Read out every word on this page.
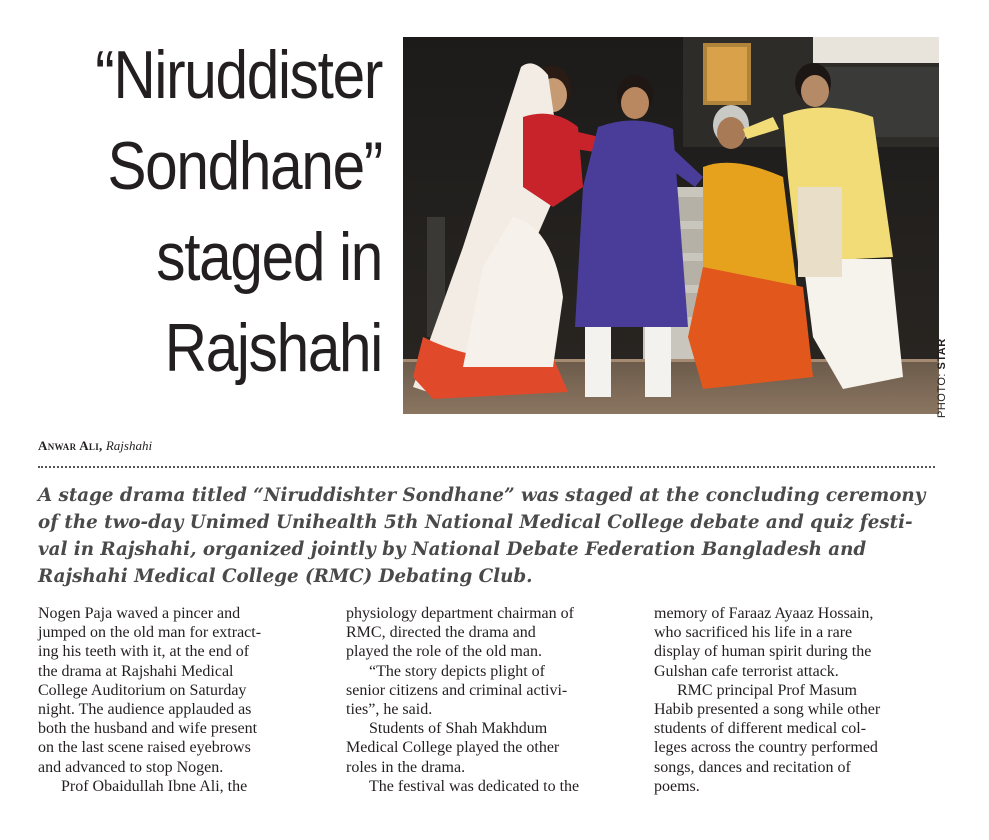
“Niruddister
Sondhane”
staged in
Rajshahi
PHOTO: STAR
Anwar Ali, Rajshahi

A stage drama titled “Niruddishter Sondhane” was staged at the concluding ceremony
of the two-day Unimed Unihealth 5th National Medical College debate and quiz festi-
val in Rajshahi, organized jointly by National Debate Federation Bangladesh and
Rajshahi Medical College (RMC) Debating Club.

Nogen Paja waved a pincer and
jumped on the old man for extract-
ing his teeth with it, at the end of
the drama at Rajshahi Medical
College Auditorium on Saturday
night. The audience applauded as
both the husband and wife present
on the last scene raised eyebrows
and advanced to stop Nogen.
Prof Obaidullah Ibne Ali, the
physiology department chairman of
RMC, directed the drama and
played the role of the old man.
“The story depicts plight of
senior citizens and criminal activi-
ties”, he said.
Students of Shah Makhdum
Medical College played the other
roles in the drama.
The festival was dedicated to the
memory of Faraaz Ayaaz Hossain,
who sacrificed his life in a rare
display of human spirit during the
Gulshan cafe terrorist attack.
RMC principal Prof Masum
Habib presented a song while other
students of different medical col-
leges across the country performed
songs, dances and recitation of
poems.
